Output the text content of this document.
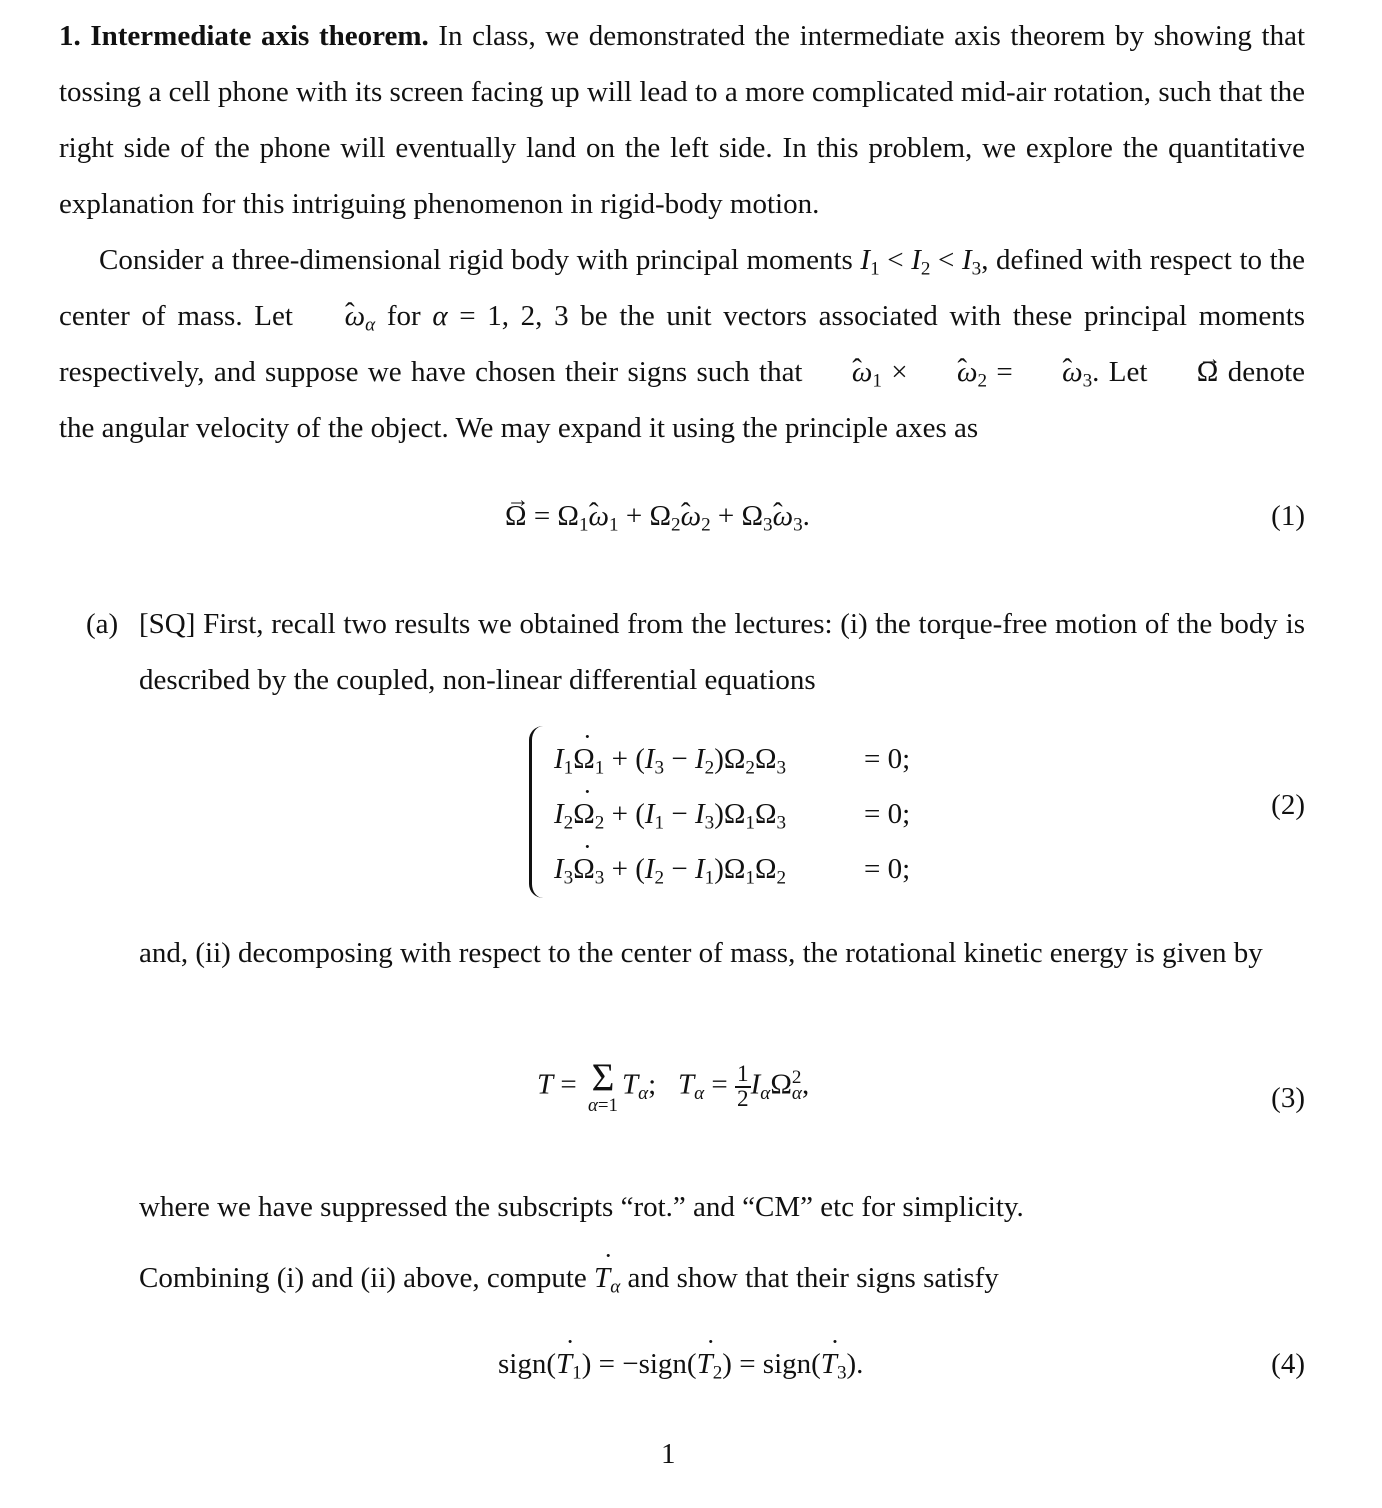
1. Intermediate axis theorem. In class, we demonstrated the intermediate axis theorem by showing that tossing a cell phone with its screen facing up will lead to a more complicated mid-air rotation, such that the right side of the phone will eventually land on the left side. In this problem, we explore the quantitative explanation for this intriguing phenomenon in rigid-body motion.

Consider a three-dimensional rigid body with principal moments $I_1 < I_2 < I_3$, defined with respect to the center of mass. Let ̂ $\omega_\alpha$ for α = 1, 2, 3 be the unit vectors associated with these principal moments respectively, and suppose we have chosen their signs such that ̂ $\omega_1$ × ̂ $\omega_2$ = ̂ $\omega_3$. Let → Ω denote the angular velocity of the object. We may expand it using the principle axes as

→ $\Omega = \Omega_1̂$ $\omega_1$ + $\Omega_2̂$ $\omega_2$ + $\Omega_3̂$ $\omega_3$.	(1)
(a) [SQ] First, recall two results we obtained from the lectures: (i) the torque-free motion of the body is described by the coupled, non-linear differential equations

$I_1˙$ $\Omega_1 + (I_3 - I_2)\Omega_2\Omega_3$	= 0;
$I_2˙$ $\Omega_2 + (I_1 - I_3)\Omega_1\Omega_3$	= 0;
$I_3˙$ $\Omega_3 + (I_2 - I_1)\Omega_1\Omega_2$	= 0;
(2)

and, (ii) decomposing with respect to the center of mass, the rotational kinetic energy is given by

T = Σ
α=1
$T_\alpha$;   $T_\alpha = \frac{1}{2} I_\alpha\Omega^2_\alpha$,	(3)

where we have suppressed the subscripts “rot.” and “CM” etc for simplicity.

Combining (i) and (ii) above, compute ˙ $T_\alpha$ and show that their signs satisfy

sign(˙ $T_1$) = −sign(˙ $T_2$) = sign(˙ $T_3$).	(4)
1
